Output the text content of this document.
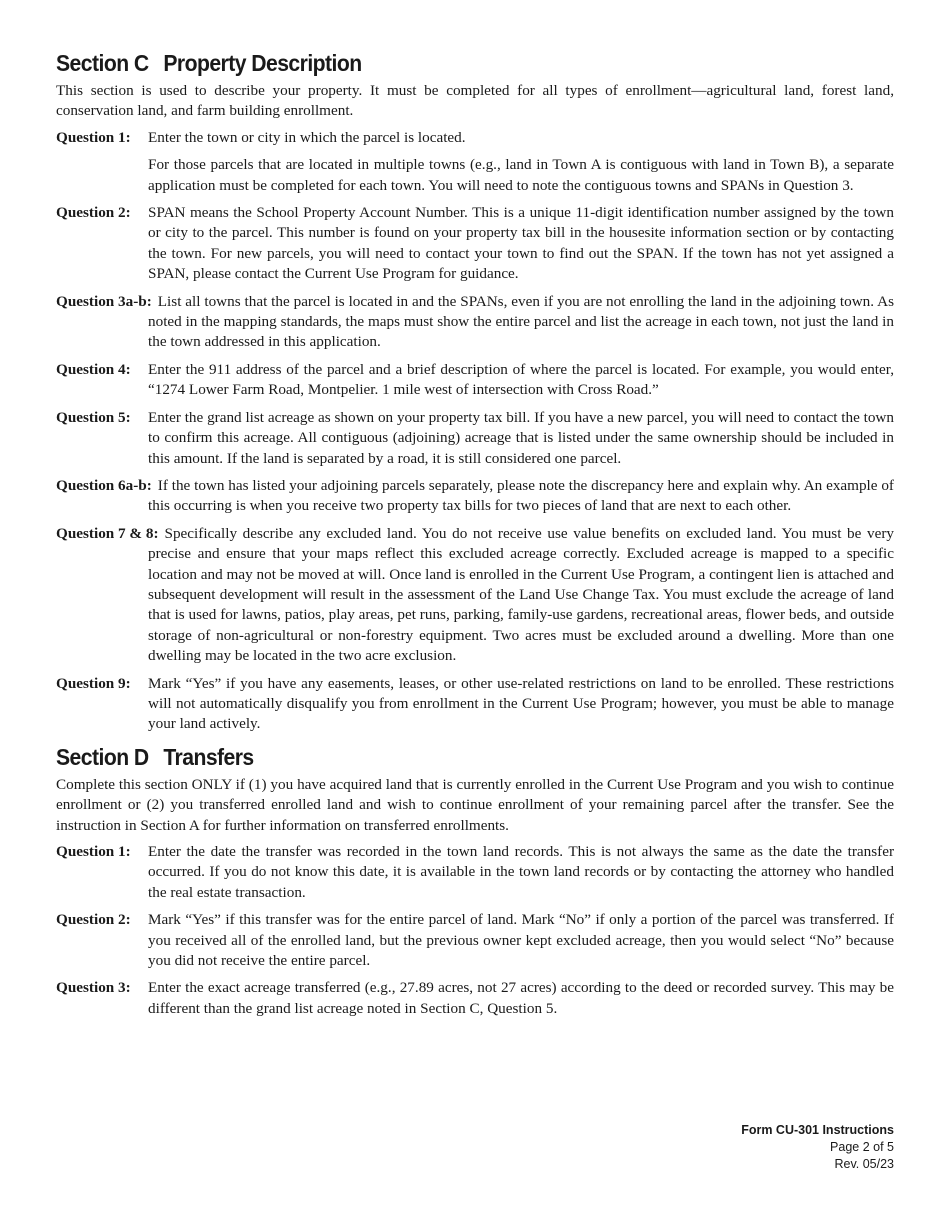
Section C Property Description

This section is used to describe your property. It must be completed for all types of enrollment—agricultural land, forest land, conservation land, and farm building enrollment.

Question 1: Enter the town or city in which the parcel is located.
For those parcels that are located in multiple towns (e.g., land in Town A is contiguous with land in Town B), a separate application must be completed for each town. You will need to note the contiguous towns and SPANs in Question 3.
Question 2: SPAN means the School Property Account Number. This is a unique 11-digit identification number assigned by the town or city to the parcel. This number is found on your property tax bill in the housesite information section or by contacting the town. For new parcels, you will need to contact your town to find out the SPAN. If the town has not yet assigned a SPAN, please contact the Current Use Program for guidance.
Question 3a-b: List all towns that the parcel is located in and the SPANs, even if you are not enrolling the land in the adjoining town. As noted in the mapping standards, the maps must show the entire parcel and list the acreage in each town, not just the land in the town addressed in this application.
Question 4: Enter the 911 address of the parcel and a brief description of where the parcel is located. For example, you would enter, “1274 Lower Farm Road, Montpelier. 1 mile west of intersection with Cross Road.”
Question 5: Enter the grand list acreage as shown on your property tax bill. If you have a new parcel, you will need to contact the town to confirm this acreage. All contiguous (adjoining) acreage that is listed under the same ownership should be included in this amount. If the land is separated by a road, it is still considered one parcel.
Question 6a-b: If the town has listed your adjoining parcels separately, please note the discrepancy here and explain why. An example of this occurring is when you receive two property tax bills for two pieces of land that are next to each other.
Question 7 & 8: Specifically describe any excluded land. You do not receive use value benefits on excluded land. You must be very precise and ensure that your maps reflect this excluded acreage correctly. Excluded acreage is mapped to a specific location and may not be moved at will. Once land is enrolled in the Current Use Program, a contingent lien is attached and subsequent development will result in the assessment of the Land Use Change Tax. You must exclude the acreage of land that is used for lawns, patios, play areas, pet runs, parking, family-use gardens, recreational areas, flower beds, and outside storage of non-agricultural or non-forestry equipment. Two acres must be excluded around a dwelling. More than one dwelling may be located in the two acre exclusion.
Question 9: Mark “Yes” if you have any easements, leases, or other use-related restrictions on land to be enrolled. These restrictions will not automatically disqualify you from enrollment in the Current Use Program; however, you must be able to manage your land actively.
Section D Transfers

Complete this section ONLY if (1) you have acquired land that is currently enrolled in the Current Use Program and you wish to continue enrollment or (2) you transferred enrolled land and wish to continue enrollment of your remaining parcel after the transfer. See the instruction in Section A for further information on transferred enrollments.

Question 1: Enter the date the transfer was recorded in the town land records. This is not always the same as the date the transfer occurred. If you do not know this date, it is available in the town land records or by contacting the attorney who handled the real estate transaction.
Question 2: Mark “Yes” if this transfer was for the entire parcel of land. Mark “No” if only a portion of the parcel was transferred. If you received all of the enrolled land, but the previous owner kept excluded acreage, then you would select “No” because you did not receive the entire parcel.
Question 3: Enter the exact acreage transferred (e.g., 27.89 acres, not 27 acres) according to the deed or recorded survey. This may be different than the grand list acreage noted in Section C, Question 5.
Form CU-301 Instructions
Page 2 of 5
Rev. 05/23
